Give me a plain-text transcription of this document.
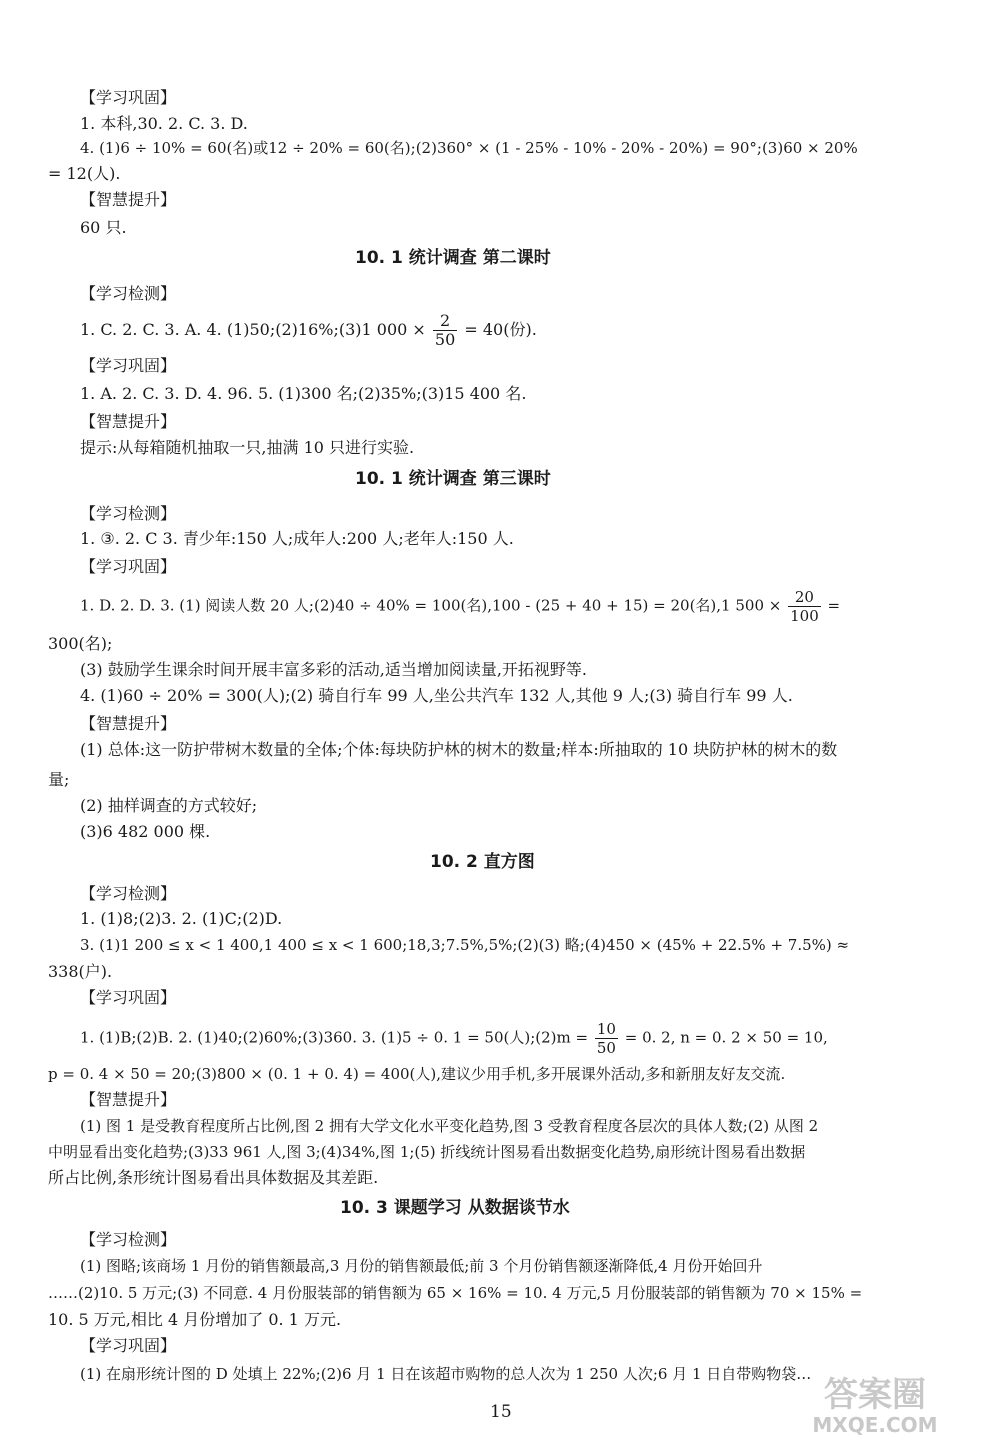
【学习巩固】
1. 本科,30. 2. C. 3. D.
4. (1)6 ÷ 10% = 60(名)或12 ÷ 20% = 60(名);(2)360° × (1 - 25% - 10% - 20% - 20%) = 90°;(3)60 × 20%
= 12(人).
【智慧提升】
60 只.
10. 1 统计调查 第二课时
【学习检测】
1. C. 2. C. 3. A. 4. (1)50;(2)16%;(3)1 $000 \times \frac{2}{50} = 40$(份).
【学习巩固】
1. A. 2. C. 3. D. 4. 96. 5. (1)300 名;(2)35%;(3)15 400 名.
【智慧提升】
提示:从每箱随机抽取一只,抽满 10 只进行实验.
10. 1 统计调查 第三课时
【学习检测】
1. ③. 2. C 3. 青少年:150 人;成年人:200 人;老年人:150 人.
【学习巩固】
1. D. 2. D. 3. (1) 阅读人数 20 人;(2)40 ÷ 40% = 100(名),100 - (25 + 40 + 15) = 20(名),1 $500 \times \frac{20}{100}$ =
300(名);
(3) 鼓励学生课余时间开展丰富多彩的活动,适当增加阅读量,开拓视野等.
4. (1)60 ÷ 20% = 300(人);(2) 骑自行车 99 人,坐公共汽车 132 人,其他 9 人;(3) 骑自行车 99 人.
【智慧提升】
(1) 总体:这一防护带树木数量的全体;个体:每块防护林的树木的数量;样本:所抽取的 10 块防护林的树木的数
量;
(2) 抽样调查的方式较好;
(3)6 482 000 棵.
10. 2 直方图
【学习检测】
1. (1)8;(2)3. 2. (1)C;(2)D.
3. (1)1 200 ≤ x < 1 400,1 400 ≤ x < 1 600;18,3;7.5%,5%;(2)(3) 略;(4)450 × (45% + 22.5% + 7.5%) ≈
338(户).
【学习巩固】
1. (1)B;(2)B. 2. (1)40;(2)60%;(3)360. 3. (1)5 ÷ 0. 1 = 50(人);(2)m = $\frac{10}{50} = 0$. 2, n = 0. 2 × 50 = 10,
p = 0. 4 × 50 = 20;(3)800 × (0. 1 + 0. 4) = 400(人),建议少用手机,多开展课外活动,多和新朋友好友交流.
【智慧提升】
(1) 图 1 是受教育程度所占比例,图 2 拥有大学文化水平变化趋势,图 3 受教育程度各层次的具体人数;(2) 从图 2
中明显看出变化趋势;(3)33 961 人,图 3;(4)34%,图 1;(5) 折线统计图易看出数据变化趋势,扇形统计图易看出数据
所占比例,条形统计图易看出具体数据及其差距.
10. 3 课题学习 从数据谈节水
【学习检测】
(1) 图略;该商场 1 月份的销售额最高,3 月份的销售额最低;前 3 个月份销售额逐渐降低,4 月份开始回升
……(2)10. 5 万元;(3) 不同意. 4 月份服装部的销售额为 65 × 16% = 10. 4 万元,5 月份服装部的销售额为 70 × 15% =
10. 5 万元,相比 4 月份增加了 0. 1 万元.
【学习巩固】
(1) 在扇形统计图的 D 处填上 22%;(2)6 月 1 日在该超市购物的总人次为 1 250 人次;6 月 1 日自带购物袋…
15	答案圈
MXQE.COM
